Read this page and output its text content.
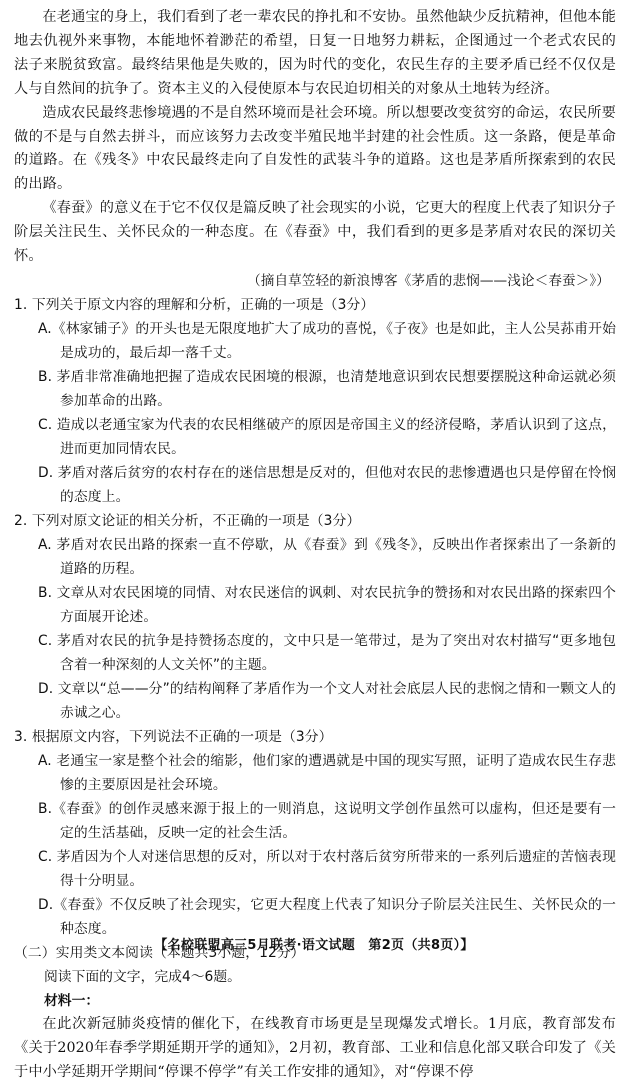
在老通宝的身上，我们看到了老一辈农民的挣扎和不安协。虽然他缺少反抗精神，但他本能地去仇视外来事物，本能地怀着渺茫的希望，日复一日地努力耕耘，企图通过一个老式农民的法子来脱贫致富。最终结果他是失败的，因为时代的变化，农民生存的主要矛盾已经不仅仅是人与自然间的抗争了。资本主义的入侵使原本与农民迫切相关的对象从土地转为经济。

造成农民最终悲惨境遇的不是自然环境而是社会环境。所以想要改变贫穷的命运，农民所要做的不是与自然去拼斗，而应该努力去改变半殖民地半封建的社会性质。这一条路，便是革命的道路。在《残冬》中农民最终走向了自发性的武装斗争的道路。这也是茅盾所探索到的农民的出路。

《春蚕》的意义在于它不仅仅是篇反映了社会现实的小说，它更大的程度上代表了知识分子阶层关注民生、关怀民众的一种态度。在《春蚕》中，我们看到的更多是茅盾对农民的深切关怀。

（摘自草笠轻的新浪博客《茅盾的悲悯——浅论＜春蚕＞》）

1. 下列关于原文内容的理解和分析，正确的一项是（3分）

A.《林家铺子》的开头也是无限度地扩大了成功的喜悦，《子夜》也是如此，主人公吴荪甫开始是成功的，最后却一落千丈。

B. 茅盾非常准确地把握了造成农民困境的根源，也清楚地意识到农民想要摆脱这种命运就必须参加革命的出路。

C. 造成以老通宝家为代表的农民相继破产的原因是帝国主义的经济侵略，茅盾认识到了这点，进而更加同情农民。

D. 茅盾对落后贫穷的农村存在的迷信思想是反对的，但他对农民的悲惨遭遇也只是停留在怜悯的态度上。

2. 下列对原文论证的相关分析，不正确的一项是（3分）

A. 茅盾对农民出路的探索一直不停歇，从《春蚕》到《残冬》，反映出作者探索出了一条新的道路的历程。

B. 文章从对农民困境的同情、对农民迷信的讽刺、对农民抗争的赞扬和对农民出路的探索四个方面展开论述。

C. 茅盾对农民的抗争是持赞扬态度的，文中只是一笔带过，是为了突出对农村描写“更多地包含着一种深刻的人文关怀”的主题。

D. 文章以“总——分”的结构阐释了茅盾作为一个文人对社会底层人民的悲悯之情和一颗文人的赤诚之心。

3. 根据原文内容，下列说法不正确的一项是（3分）

A. 老通宝一家是整个社会的缩影，他们家的遭遇就是中国的现实写照，证明了造成农民生存悲惨的主要原因是社会环境。

B.《春蚕》的创作灵感来源于报上的一则消息，这说明文学创作虽然可以虚构，但还是要有一定的生活基础，反映一定的社会生活。

C. 茅盾因为个人对迷信思想的反对，所以对于农村落后贫穷所带来的一系列后遗症的苦恼表现得十分明显。

D.《春蚕》不仅反映了社会现实，它更大程度上代表了知识分子阶层关注民生、关怀民众的一种态度。

（二）实用类文本阅读（本题共3小题，12分）

阅读下面的文字，完成4～6题。

材料一：

在此次新冠肺炎疫情的催化下，在线教育市场更是呈现爆发式增长。1月底，教育部发布《关于2020年春季学期延期开学的通知》，2月初，教育部、工业和信息化部又联合印发了《关于中小学延期开学期间“停课不停学”有关工作安排的通知》，对“停课不停

【名校联盟高三5月联考·语文试题　第2页（共8页）】
